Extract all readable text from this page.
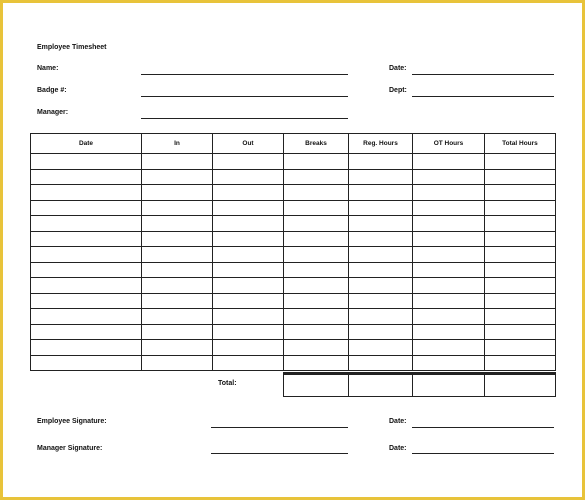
Employee Timesheet
Name:	Date:
Badge #:	Dept:
Manager:
Date	In	Out	Breaks	Reg. Hours	OT Hours	Total Hours

Total:

Employee Signature:	Date:
Manager Signature:	Date:
